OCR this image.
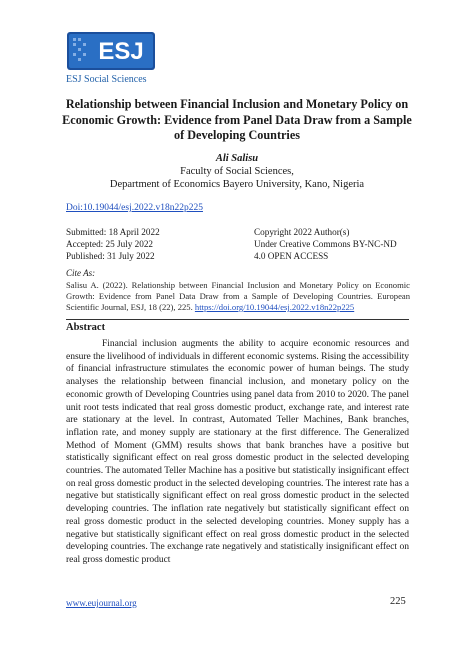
ESJ
ESJ Social Sciences
Relationship between Financial Inclusion and Monetary Policy on Economic Growth: Evidence from Panel Data Draw from a Sample of Developing Countries
Ali Salisu
Faculty of Social Sciences,
Department of Economics Bayero University, Kano, Nigeria
Doi:10.19044/esj.2022.v18n22p225
Submitted: 18 April 2022
Accepted: 25 July 2022
Published: 31 July 2022
Copyright 2022 Author(s)
Under Creative Commons BY-NC-ND
4.0 OPEN ACCESS
Cite As:
Salisu A. (2022). Relationship between Financial Inclusion and Monetary Policy on Economic Growth: Evidence from Panel Data Draw from a Sample of Developing Countries. European Scientific Journal, ESJ, 18 (22), 225. https://doi.org/10.19044/esj.2022.v18n22p225
Abstract
Financial inclusion augments the ability to acquire economic resources and ensure the livelihood of individuals in different economic systems. Rising the accessibility of financial infrastructure stimulates the economic power of human beings. The study analyses the relationship between financial inclusion, and monetary policy on the economic growth of Developing Countries using panel data from 2010 to 2020. The panel unit root tests indicated that real gross domestic product, exchange rate, and interest rate are stationary at the level. In contrast, Automated Teller Machines, Bank branches, inflation rate, and money supply are stationary at the first difference. The Generalized Method of Moment (GMM) results shows that bank branches have a positive but statistically significant effect on real gross domestic product in the selected developing countries. The automated Teller Machine has a positive but statistically insignificant effect on real gross domestic product in the selected developing countries. The interest rate has a negative but statistically significant effect on real gross domestic product in the selected developing countries. The inflation rate negatively but statistically significant effect on real gross domestic product in the selected developing countries. Money supply has a negative but statistically significant effect on real gross domestic product in the selected developing countries. The exchange rate negatively and statistically insignificant effect on real gross domestic product
www.eujournal.org	225
